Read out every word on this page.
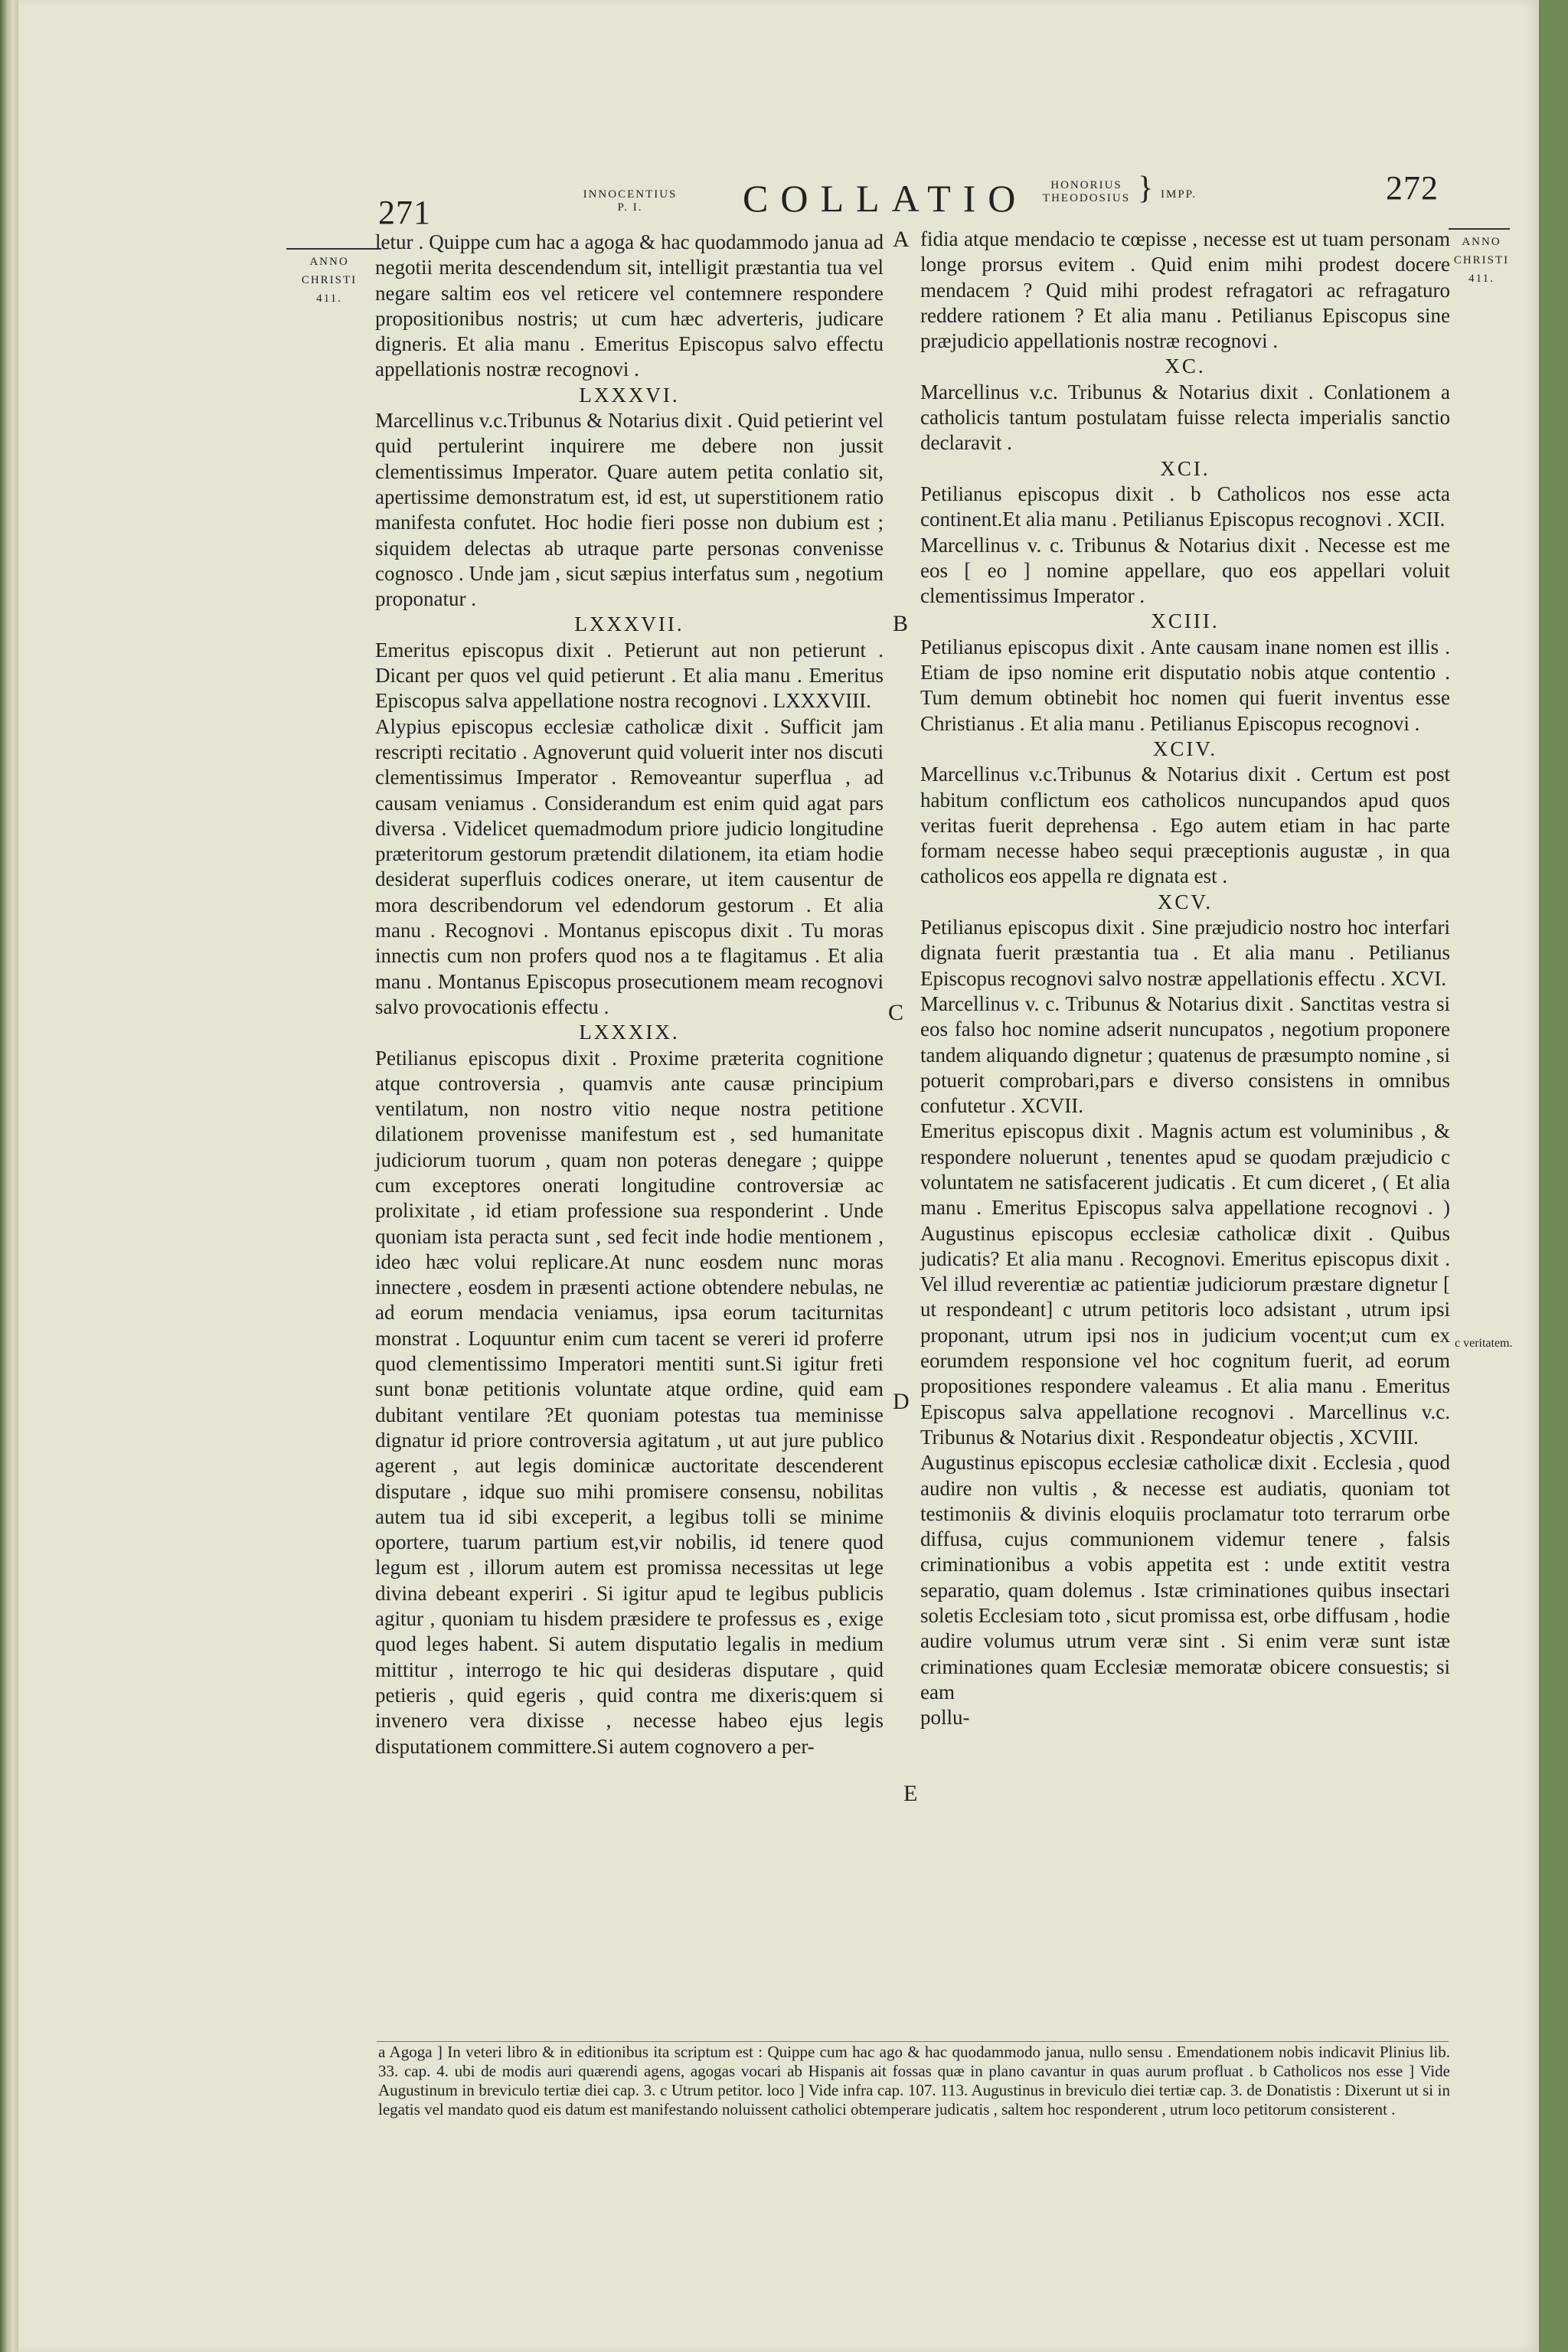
271	INNOCENTIUS
P. I.	COLLATIO	HONORIUS
THEODOSIUS } IMPP.	272
ANNO
CHRISTI
411.
ANNO
CHRISTI
411.
c veritatem.
A
B
C
D
E

letur . Quippe cum hac a agoga & hac quodammodo janua ad negotii merita descendendum sit, intelligit præstantia tua vel negare saltim eos vel reticere vel contemnere respondere propositionibus nostris; ut cum hæc adverteris, judicare digneris. Et alia manu . Emeritus Episcopus salvo effectu appellationis nostræ recognovi .

LXXXVI.

Marcellinus v.c.Tribunus & Notarius dixit . Quid petierint vel quid pertulerint inquirere me debere non jussit clementissimus Imperator. Quare autem petita conlatio sit, apertissime demonstratum est, id est, ut superstitionem ratio manifesta confutet. Hoc hodie fieri posse non dubium est ; siquidem delectas ab utraque parte personas convenisse cognosco . Unde jam , sicut sæpius interfatus sum , negotium proponatur .

LXXXVII.

Emeritus episcopus dixit . Petierunt aut non petierunt . Dicant per quos vel quid petierunt . Et alia manu . Emeritus Episcopus salva appellatione nostra recognovi . LXXXVIII.

Alypius episcopus ecclesiæ catholicæ dixit . Sufficit jam rescripti recitatio . Agnoverunt quid voluerit inter nos discuti clementissimus Imperator . Removeantur superflua , ad causam veniamus . Considerandum est enim quid agat pars diversa . Videlicet quemadmodum priore judicio longitudine præteritorum gestorum prætendit dilationem, ita etiam hodie desiderat superfluis codices onerare, ut item causentur de mora describendorum vel edendorum gestorum . Et alia manu . Recognovi . Montanus episcopus dixit . Tu moras innectis cum non profers quod nos a te flagitamus . Et alia manu . Montanus Episcopus prosecutionem meam recognovi salvo provocationis effectu .

LXXXIX.

Petilianus episcopus dixit . Proxime præterita cognitione atque controversia , quamvis ante causæ principium ventilatum, non nostro vitio neque nostra petitione dilationem provenisse manifestum est , sed humanitate judiciorum tuorum , quam non poteras denegare ; quippe cum exceptores onerati longitudine controversiæ ac prolixitate , id etiam professione sua responderint . Unde quoniam ista peracta sunt , sed fecit inde hodie mentionem , ideo hæc volui replicare.At nunc eosdem nunc moras innectere , eosdem in præsenti actione obtendere nebulas, ne ad eorum mendacia veniamus, ipsa eorum taciturnitas monstrat . Loquuntur enim cum tacent se vereri id proferre quod clementissimo Imperatori mentiti sunt.Si igitur freti sunt bonæ petitionis voluntate atque ordine, quid eam dubitant ventilare ?Et quoniam potestas tua meminisse dignatur id priore controversia agitatum , ut aut jure publico agerent , aut legis dominicæ auctoritate descenderent disputare , idque suo mihi promisere consensu, nobilitas autem tua id sibi exceperit, a legibus tolli se minime oportere, tuarum partium est,vir nobilis, id tenere quod legum est , illorum autem est promissa necessitas ut lege divina debeant experiri . Si igitur apud te legibus publicis agitur , quoniam tu hisdem præsidere te professus es , exige quod leges habent. Si autem disputatio legalis in medium mittitur , interrogo te hic qui desideras disputare , quid petieris , quid egeris , quid contra me dixeris:quem si invenero vera dixisse , necesse habeo ejus legis disputationem committere.Si autem cognovero a per-

fidia atque mendacio te cœpisse , necesse est ut tuam personam longe prorsus evitem . Quid enim mihi prodest docere mendacem ? Quid mihi prodest refragatori ac refragaturo reddere rationem ? Et alia manu . Petilianus Episcopus sine præjudicio appellationis nostræ recognovi .

XC.

Marcellinus v.c. Tribunus & Notarius dixit . Conlationem a catholicis tantum postulatam fuisse relecta imperialis sanctio declaravit .

XCI.

Petilianus episcopus dixit . b Catholicos nos esse acta continent.Et alia manu . Petilianus Episcopus recognovi . XCII.

Marcellinus v. c. Tribunus & Notarius dixit . Necesse est me eos [ eo ] nomine appellare, quo eos appellari voluit clementissimus Imperator .

XCIII.

Petilianus episcopus dixit . Ante causam inane nomen est illis . Etiam de ipso nomine erit disputatio nobis atque contentio . Tum demum obtinebit hoc nomen qui fuerit inventus esse Christianus . Et alia manu . Petilianus Episcopus recognovi .

XCIV.

Marcellinus v.c.Tribunus & Notarius dixit . Certum est post habitum conflictum eos catholicos nuncupandos apud quos veritas fuerit deprehensa . Ego autem etiam in hac parte formam necesse habeo sequi præceptionis augustæ , in qua catholicos eos appella re dignata est .

XCV.

Petilianus episcopus dixit . Sine præjudicio nostro hoc interfari dignata fuerit præstantia tua . Et alia manu . Petilianus Episcopus recognovi salvo nostræ appellationis effectu . XCVI.

Marcellinus v. c. Tribunus & Notarius dixit . Sanctitas vestra si eos falso hoc nomine adserit nuncupatos , negotium proponere tandem aliquando dignetur ; quatenus de præsumpto nomine , si potuerit comprobari,pars e diverso consistens in omnibus confutetur . XCVII.

Emeritus episcopus dixit . Magnis actum est voluminibus , & respondere noluerunt , tenentes apud se quodam præjudicio c voluntatem ne satisfacerent judicatis . Et cum diceret , ( Et alia manu . Emeritus Episcopus salva appellatione recognovi . ) Augustinus episcopus ecclesiæ catholicæ dixit . Quibus judicatis? Et alia manu . Recognovi. Emeritus episcopus dixit . Vel illud reverentiæ ac patientiæ judiciorum præstare dignetur [ ut respondeant] c utrum petitoris loco adsistant , utrum ipsi proponant, utrum ipsi nos in judicium vocent;ut cum ex eorumdem responsione vel hoc cognitum fuerit, ad eorum propositiones respondere valeamus . Et alia manu . Emeritus Episcopus salva appellatione recognovi . Marcellinus v.c. Tribunus & Notarius dixit . Respondeatur objectis , XCVIII.

Augustinus episcopus ecclesiæ catholicæ dixit . Ecclesia , quod audire non vultis , & necesse est audiatis, quoniam tot testimoniis & divinis eloquiis proclamatur toto terrarum orbe diffusa, cujus communionem videmur tenere , falsis criminationibus a vobis appetita est : unde extitit vestra separatio, quam dolemus . Istæ criminationes quibus insectari soletis Ecclesiam toto , sicut promissa est, orbe diffusam , hodie audire volumus utrum veræ sint . Si enim veræ sunt istæ criminationes quam Ecclesiæ memoratæ obicere consuestis; si eam

pollu-

a Agoga ] In veteri libro & in editionibus ita scriptum est : Quippe cum hac ago & hac quodammodo janua, nullo sensu . Emendationem nobis indicavit Plinius lib. 33. cap. 4. ubi de modis auri quærendi agens, agogas vocari ab Hispanis ait fossas quæ in plano cavantur in quas aurum profluat . b Catholicos nos esse ] Vide Augustinum in breviculo tertiæ diei cap. 3. c Utrum petitor. loco ] Vide infra cap. 107. 113. Augustinus in breviculo diei tertiæ cap. 3. de Donatistis : Dixerunt ut si in legatis vel mandato quod eis datum est manifestando noluissent catholici obtemperare judicatis , saltem hoc responderent , utrum loco petitorum consisterent .
